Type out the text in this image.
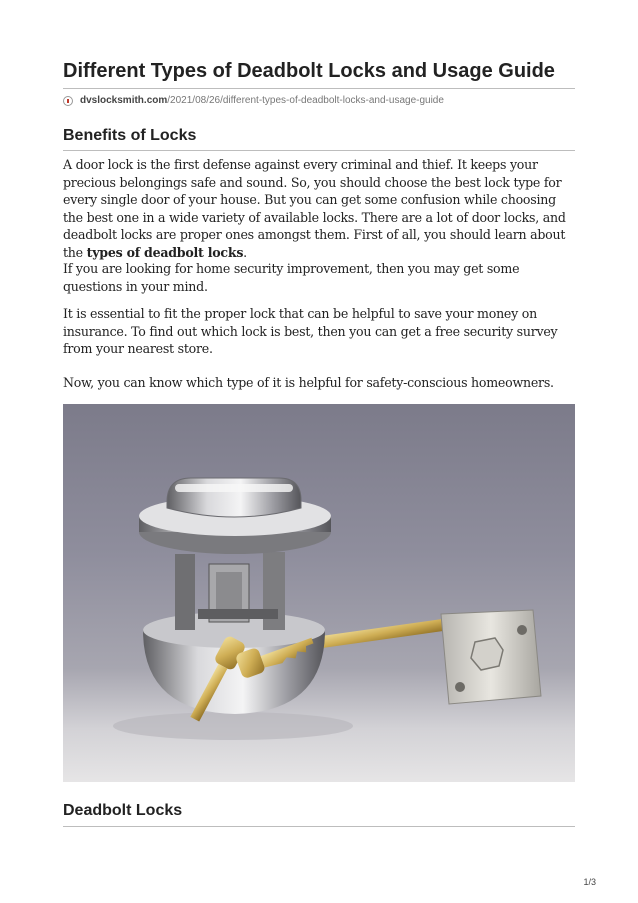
Different Types of Deadbolt Locks and Usage Guide
dvslocksmith.com /2021/08/26/different-types-of-deadbolt-locks-and-usage-guide
Benefits of Locks

A door lock is the first defense against every criminal and thief. It keeps your precious belongings safe and sound. So, you should choose the best lock type for every single door of your house. But you can get some confusion while choosing the best one in a wide variety of available locks. There are a lot of door locks, and deadbolt locks are proper ones amongst them. First of all, you should learn about the types of deadbolt locks.

If you are looking for home security improvement, then you may get some questions in your mind.

It is essential to fit the proper lock that can be helpful to save your money on insurance. To find out which lock is best, then you can get a free security survey from your nearest store.

Now, you can know which type of it is helpful for safety-conscious homeowners.

Deadbolt Locks
1/3
